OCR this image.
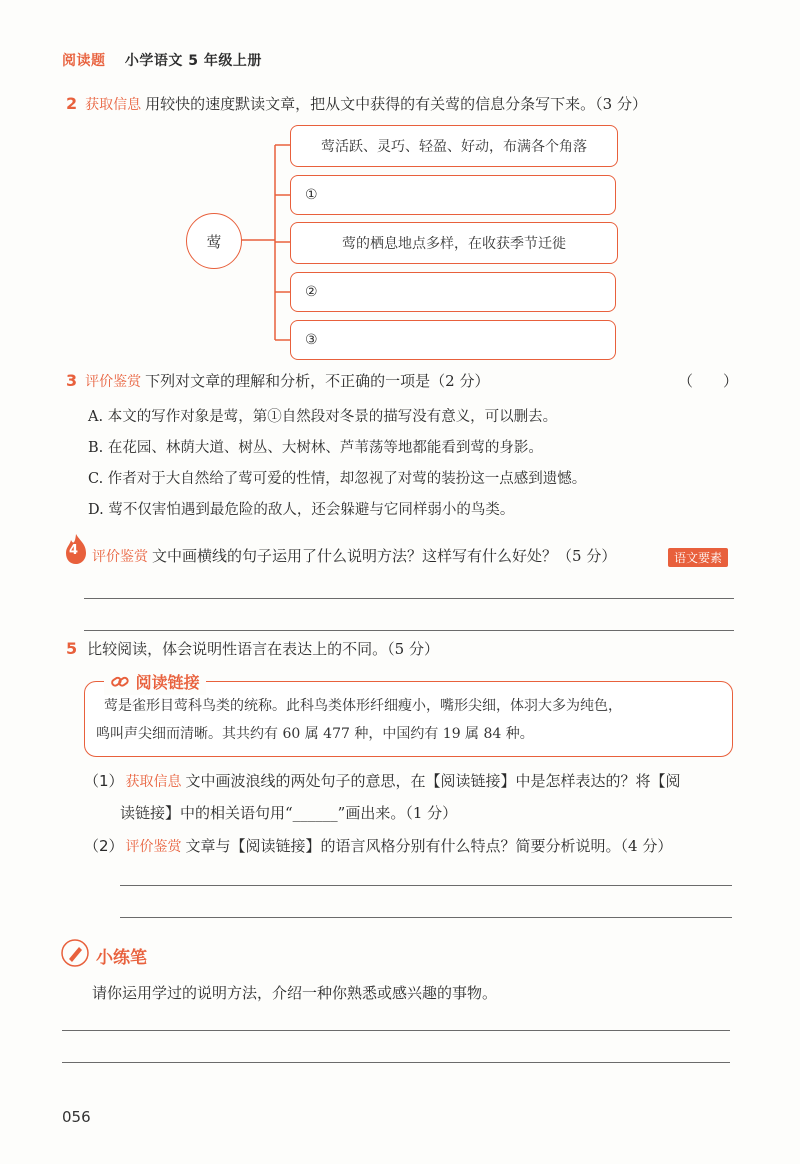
阅读题 小学语文 5 年级上册
2 获取信息 用较快的速度默读文章，把从文中获得的有关莺的信息分条写下来。（3 分）
莺
莺活跃、灵巧、轻盈、好动，布满各个角落
①
莺的栖息地点多样，在收获季节迁徙
②
③
3 评价鉴赏 下列对文章的理解和分析，不正确的一项是（2 分）	（　　）
A. 本文的写作对象是莺，第①自然段对冬景的描写没有意义，可以删去。
B. 在花园、林荫大道、树丛、大树林、芦苇荡等地都能看到莺的身影。
C. 作者对于大自然给了莺可爱的性情，却忽视了对莺的装扮这一点感到遗憾。
D. 莺不仅害怕遇到最危险的敌人，还会躲避与它同样弱小的鸟类。
4 评价鉴赏 文中画横线的句子运用了什么说明方法？这样写有什么好处？（5 分）	语文要素
5 比较阅读，体会说明性语言在表达上的不同。（5 分）
阅读链接
莺是雀形目莺科鸟类的统称。此科鸟类体形纤细瘦小，嘴形尖细，体羽大多为纯色，
鸣叫声尖细而清晰。其共约有 60 属 477 种，中国约有 19 属 84 种。
（1） 获取信息 文中画波浪线的两处句子的意思，在【阅读链接】中是怎样表达的？将【阅
读链接】中的相关语句用“______”画出来。（1 分）
（2） 评价鉴赏 文章与【阅读链接】的语言风格分别有什么特点？简要分析说明。（4 分）
小练笔
请你运用学过的说明方法，介绍一种你熟悉或感兴趣的事物。
056
